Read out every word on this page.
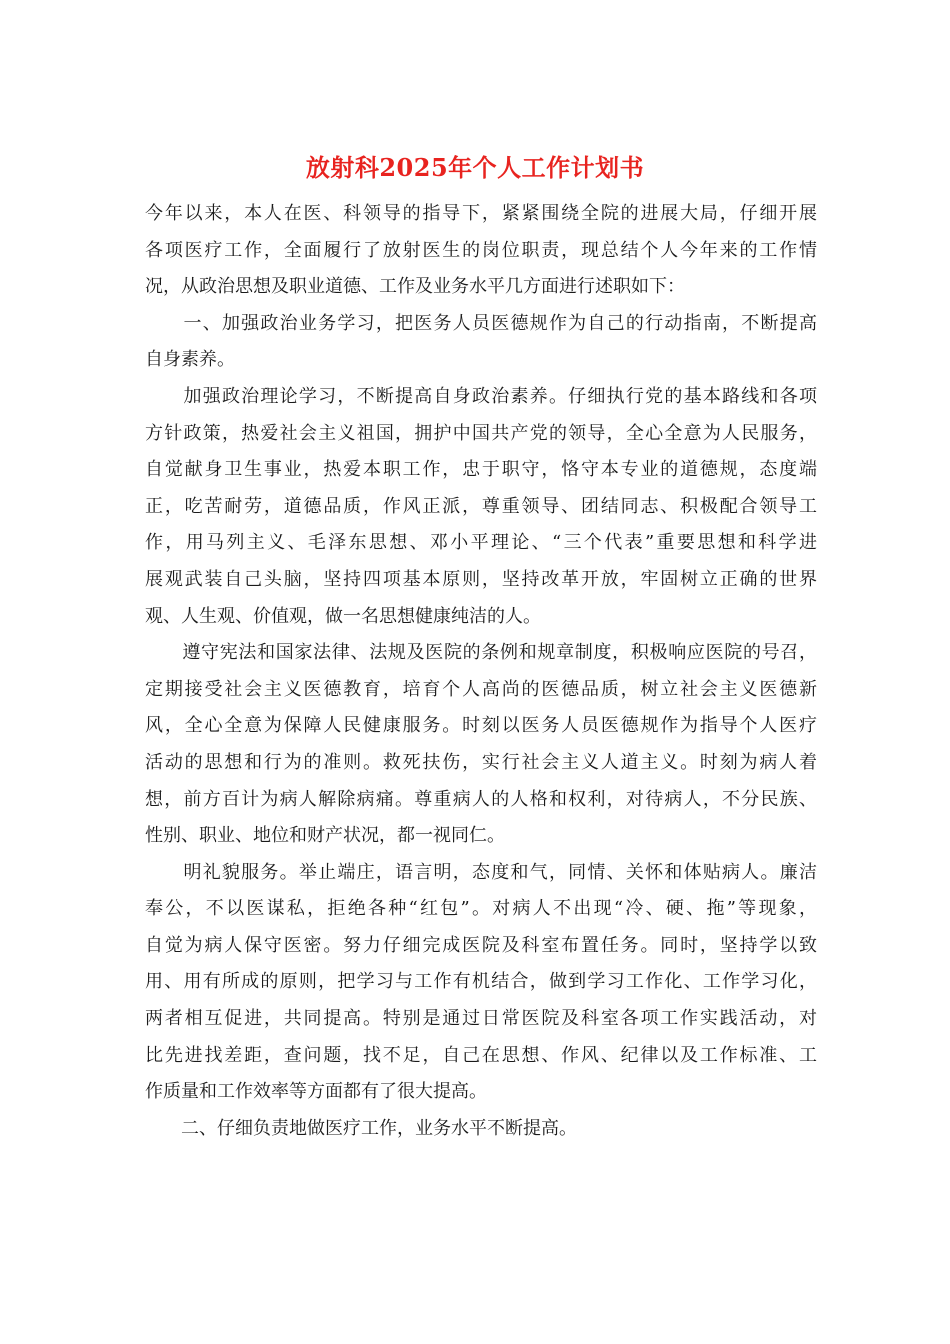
放射科2025年个人工作计划书
今年以来，本人在医、科领导的指导下，紧紧围绕全院的进展大局，仔细开展
各项医疗工作，全面履行了放射医生的岗位职责，现总结个人今年来的工作情
况，从政治思想及职业道德、工作及业务水平几方面进行述职如下：
　　一、加强政治业务学习，把医务人员医德规作为自己的行动指南，不断提高
自身素养。
　　加强政治理论学习，不断提高自身政治素养。仔细执行党的基本路线和各项
方针政策，热爱社会主义祖国，拥护中国共产党的领导，全心全意为人民服务，
自觉献身卫生事业，热爱本职工作，忠于职守，恪守本专业的道德规，态度端
正，吃苦耐劳，道德品质，作风正派，尊重领导、团结同志、积极配合领导工
作，用马列主义、毛泽东思想、邓小平理论、“三个代表”重要思想和科学进
展观武装自己头脑，坚持四项基本原则，坚持改革开放，牢固树立正确的世界
观、人生观、价值观，做一名思想健康纯洁的人。
　　遵守宪法和国家法律、法规及医院的条例和规章制度，积极响应医院的号召，
定期接受社会主义医德教育，培育个人高尚的医德品质，树立社会主义医德新
风，全心全意为保障人民健康服务。时刻以医务人员医德规作为指导个人医疗
活动的思想和行为的准则。救死扶伤，实行社会主义人道主义。时刻为病人着
想，前方百计为病人解除病痛。尊重病人的人格和权利，对待病人，不分民族、
性别、职业、地位和财产状况，都一视同仁。
　　明礼貌服务。举止端庄，语言明，态度和气，同情、关怀和体贴病人。廉洁
奉公，不以医谋私，拒绝各种“红包”。对病人不出现“冷、硬、拖”等现象，
自觉为病人保守医密。努力仔细完成医院及科室布置任务。同时，坚持学以致
用、用有所成的原则，把学习与工作有机结合，做到学习工作化、工作学习化，
两者相互促进，共同提高。特别是通过日常医院及科室各项工作实践活动，对
比先进找差距，查问题，找不足，自己在思想、作风、纪律以及工作标准、工
作质量和工作效率等方面都有了很大提高。
　　二、仔细负责地做医疗工作，业务水平不断提高。
